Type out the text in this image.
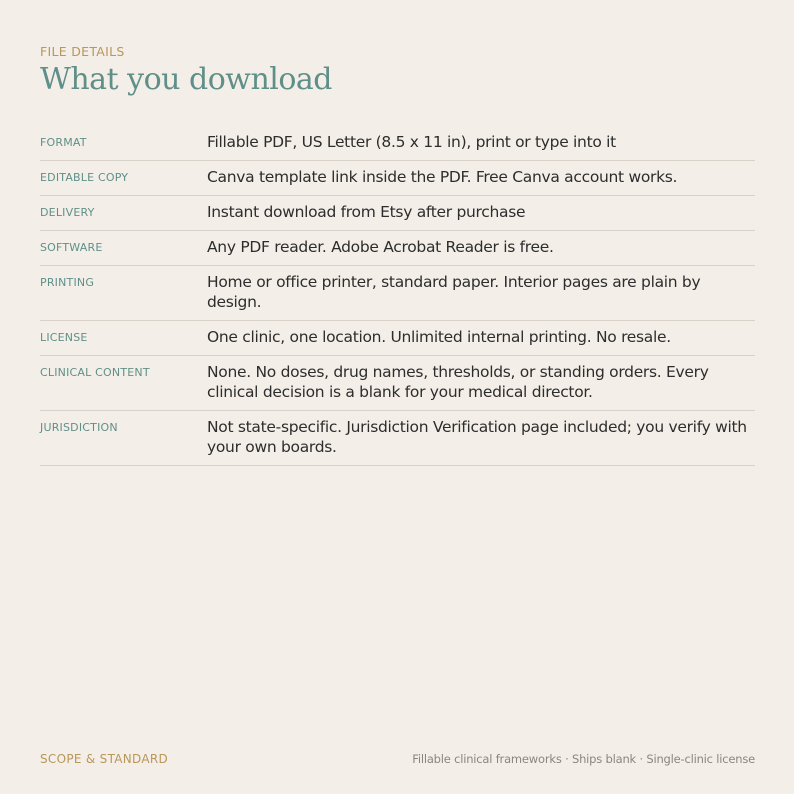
FILE DETAILS
What you download
FORMAT	Fillable PDF, US Letter (8.5 x 11 in), print or type into it
EDITABLE COPY	Canva template link inside the PDF. Free Canva account works.
DELIVERY	Instant download from Etsy after purchase
SOFTWARE	Any PDF reader. Adobe Acrobat Reader is free.
PRINTING	Home or office printer, standard paper. Interior pages are plain by design.
LICENSE	One clinic, one location. Unlimited internal printing. No resale.
CLINICAL CONTENT	None. No doses, drug names, thresholds, or standing orders. Every clinical decision is a blank for your medical director.
JURISDICTION	Not state-specific. Jurisdiction Verification page included; you verify with your own boards.
SCOPE & STANDARD	Fillable clinical frameworks · Ships blank · Single-clinic license
